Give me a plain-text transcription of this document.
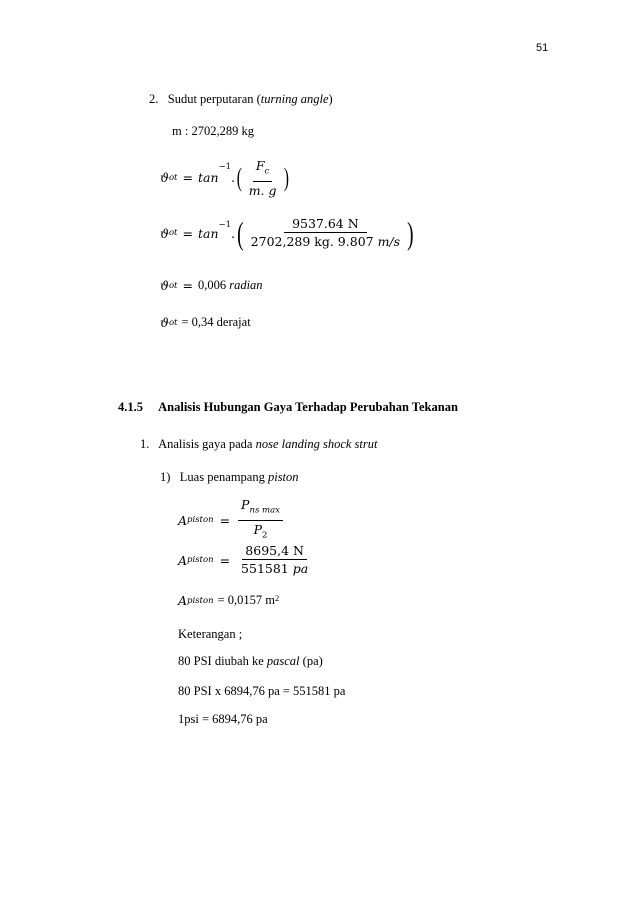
51
2. Sudut perputaran (turning angle)
m : 2702,289 kg
ϑ ot = tan
$^{-1}$
. ( $\frac{F_c}{m. g}$ )
ϑ ot = tan
$^{-1}$
. ( $\frac{9537.64 N}{2702,289 kg. 9.807 m/s}$ )
ϑ ot = 0,006
radian
ϑ ot = 0,34 derajat
4.1.5 Analisis Hubungan Gaya Terhadap Perubahan Tekanan
1. Analisis gaya pada nose landing shock strut
1) Luas penampang piston
A piston = $\frac{P_{ns max}}{P_2}$
A piston = $\frac{8695,4 N}{551581 pa}$
A piston = 0,0157 $m^2$
Keterangan ;
80 PSI diubah ke pascal (pa)
80 PSI x 6894,76 pa = 551581 pa
1psi = 6894,76 pa
